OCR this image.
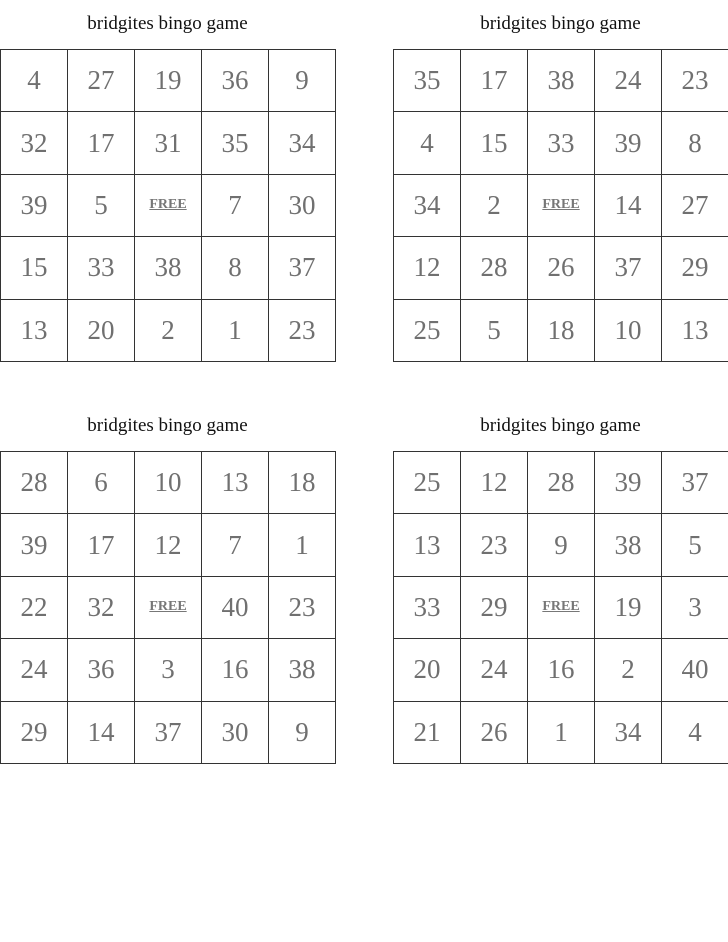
bridgites bingo game
4	27	19	36	9
32	17	31	35	34
39	5	FREE	7	30
15	33	38	8	37
13	20	2	1	23
bridgites bingo game
35	17	38	24	23
4	15	33	39	8
34	2	FREE	14	27
12	28	26	37	29
25	5	18	10	13
bridgites bingo game
28	6	10	13	18
39	17	12	7	1
22	32	FREE	40	23
24	36	3	16	38
29	14	37	30	9
bridgites bingo game
25	12	28	39	37
13	23	9	38	5
33	29	FREE	19	3
20	24	16	2	40
21	26	1	34	4
